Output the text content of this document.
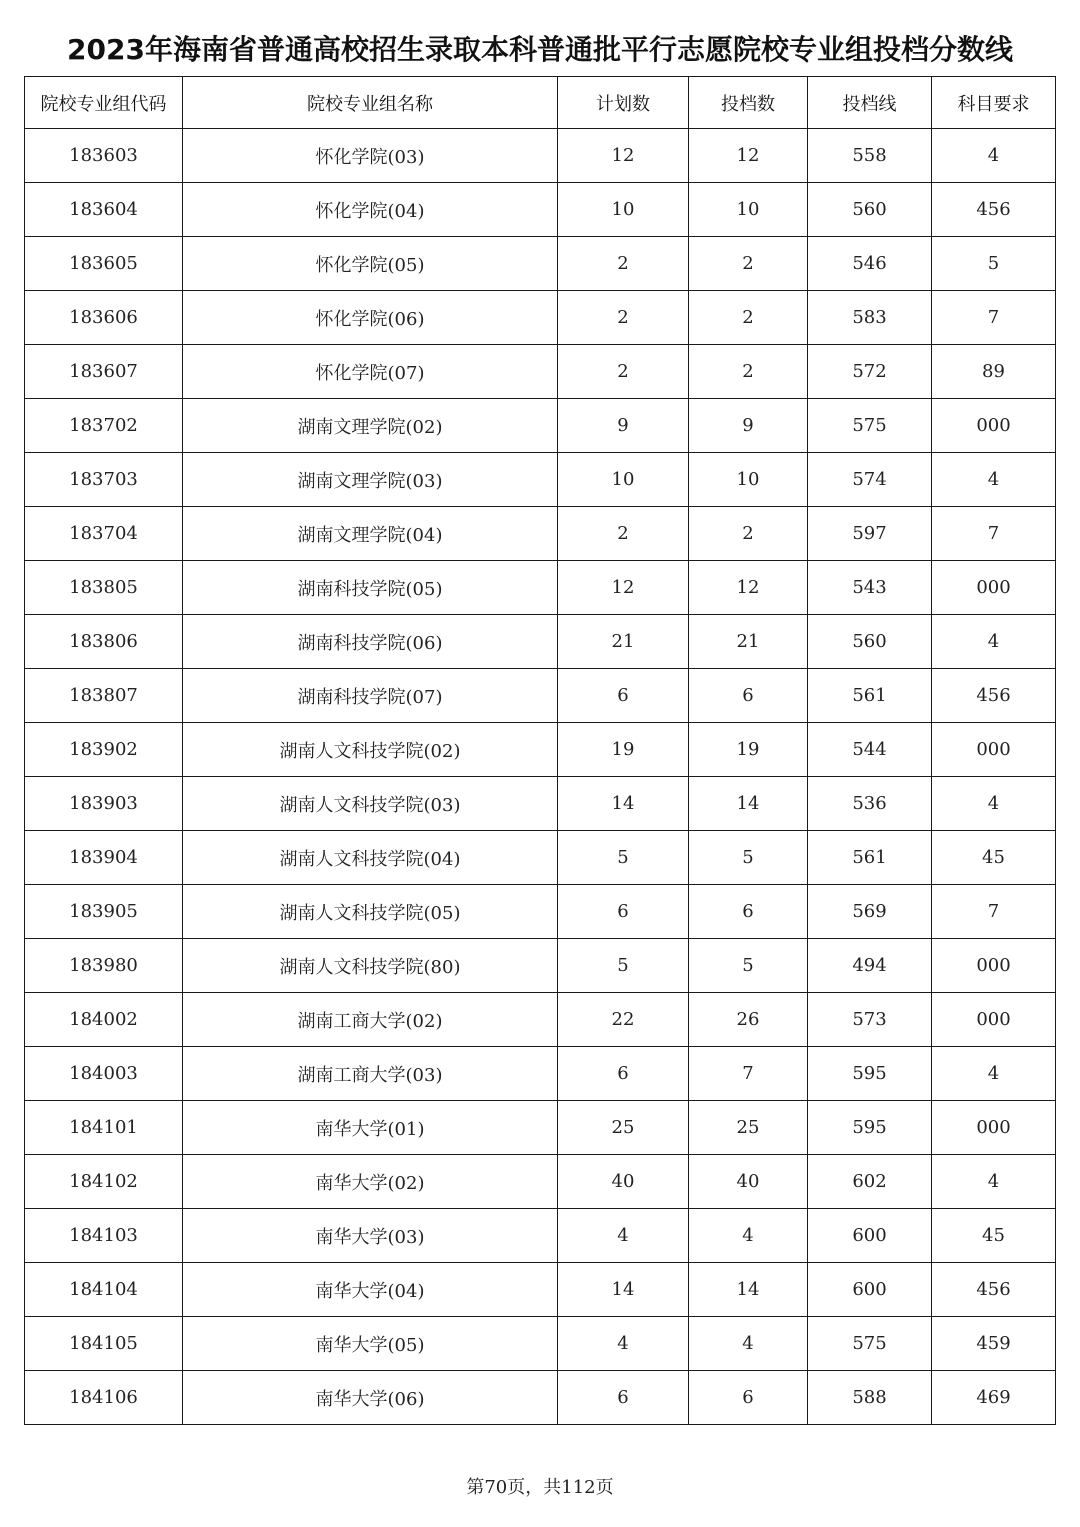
2023年海南省普通高校招生录取本科普通批平行志愿院校专业组投档分数线
院校专业组代码	院校专业组名称	计划数	投档数	投档线	科目要求
183603	怀化学院(03)	12	12	558	4
183604	怀化学院(04)	10	10	560	456
183605	怀化学院(05)	2	2	546	5
183606	怀化学院(06)	2	2	583	7
183607	怀化学院(07)	2	2	572	89
183702	湖南文理学院(02)	9	9	575	000
183703	湖南文理学院(03)	10	10	574	4
183704	湖南文理学院(04)	2	2	597	7
183805	湖南科技学院(05)	12	12	543	000
183806	湖南科技学院(06)	21	21	560	4
183807	湖南科技学院(07)	6	6	561	456
183902	湖南人文科技学院(02)	19	19	544	000
183903	湖南人文科技学院(03)	14	14	536	4
183904	湖南人文科技学院(04)	5	5	561	45
183905	湖南人文科技学院(05)	6	6	569	7
183980	湖南人文科技学院(80)	5	5	494	000
184002	湖南工商大学(02)	22	26	573	000
184003	湖南工商大学(03)	6	7	595	4
184101	南华大学(01)	25	25	595	000
184102	南华大学(02)	40	40	602	4
184103	南华大学(03)	4	4	600	45
184104	南华大学(04)	14	14	600	456
184105	南华大学(05)	4	4	575	459
184106	南华大学(06)	6	6	588	469
第70页，共112页
